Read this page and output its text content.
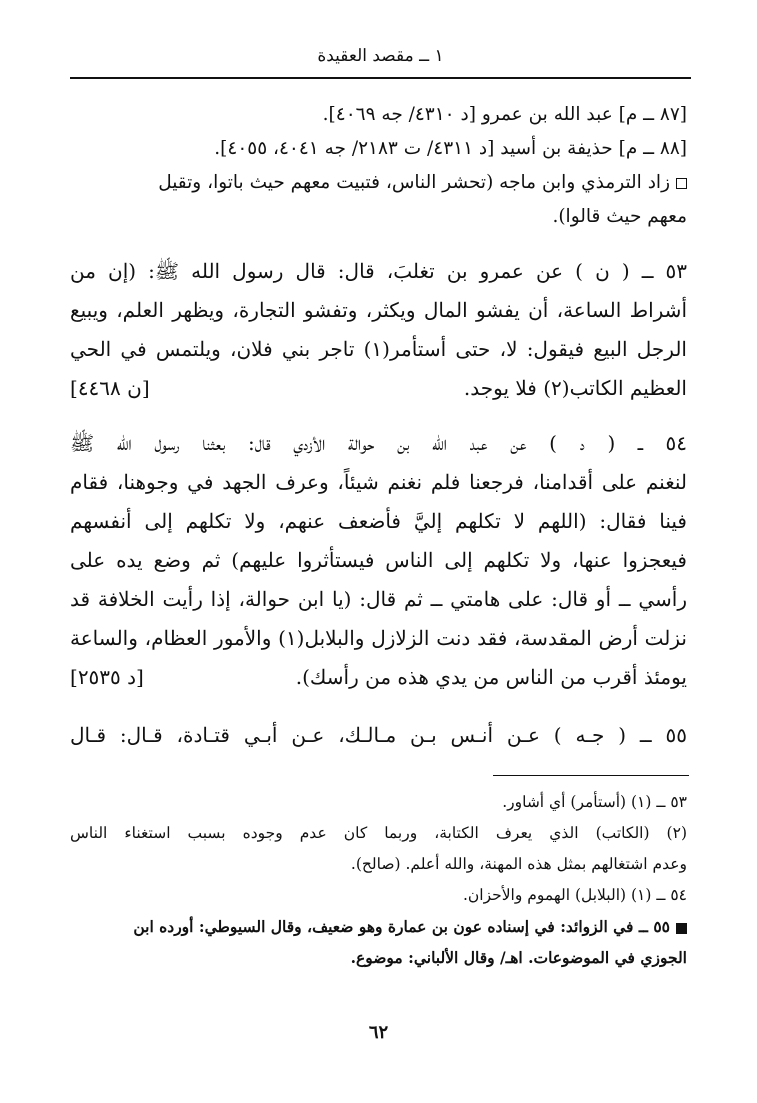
١ ــ مقصد العقيدة
[٨٧ ــ م] عبد الله بن عمرو [د ٤٣١٠/ جه ٤٠٦٩].
[٨٨ ــ م] حذيفة بن أسيد [د ٤٣١١/ ت ٢١٨٣/ جه ٤٠٤١، ٤٠٥٥].
زاد الترمذي وابن ماجه (تحشر الناس، فتبيت معهم حيث باتوا، وتقيل
معهم حيث قالوا).
٥٣ ــ ( ن ) عن عمرو بن تغلبَ، قال: قال رسول الله ﷺ: (إن من
أشراط الساعة، أن يفشو المال ويكثر، وتفشو التجارة، ويظهر العلم، ويبيع
الرجل البيع فيقول: لا، حتى أستأمر(١) تاجر بني فلان، ويلتمس في الحي
العظيم الكاتب(٢) فلا يوجد.
[ن ٤٤٦٨]
٥٤ ــ ( د ) عن عبد الله بن حوالة الأزدي قال: بعثنا رسول الله ﷺ
لنغنم على أقدامنا، فرجعنا فلم نغنم شيئاً، وعرف الجهد في وجوهنا، فقام
فينا فقال: (اللهم لا تكلهم إليَّ فأضعف عنهم، ولا تكلهم إلى أنفسهم
فيعجزوا عنها، ولا تكلهم إلى الناس فيستأثروا عليهم) ثم وضع يده على
رأسي ــ أو قال: على هامتي ــ ثم قال: (يا ابن حوالة، إذا رأيت الخلافة قد
نزلت أرض المقدسة، فقد دنت الزلازل والبلابل(١) والأمور العظام، والساعة
يومئذ أقرب من الناس من يدي هذه من رأسك).
[د ٢٥٣٥]
٥٥ ــ ( جـه ) عـن أنـس بـن مـالـك، عـن أبـي قتـادة، قـال: قـال
٥٣ ــ (١) (أستأمر) أي أشاور.
(٢) (الكاتب) الذي يعرف الكتابة، وربما كان عدم وجوده بسبب استغناء الناس
وعدم اشتغالهم بمثل هذه المهنة، والله أعلم. (صالح).
٥٤ ــ (١) (البلابل) الهموم والأحزان.
٥٥ ــ في الزوائد: في إسناده عون بن عمارة وهو ضعيف، وقال السيوطي: أورده ابن
الجوزي في الموضوعات. اهـ/ وقال الألباني: موضوع.
٦٢
